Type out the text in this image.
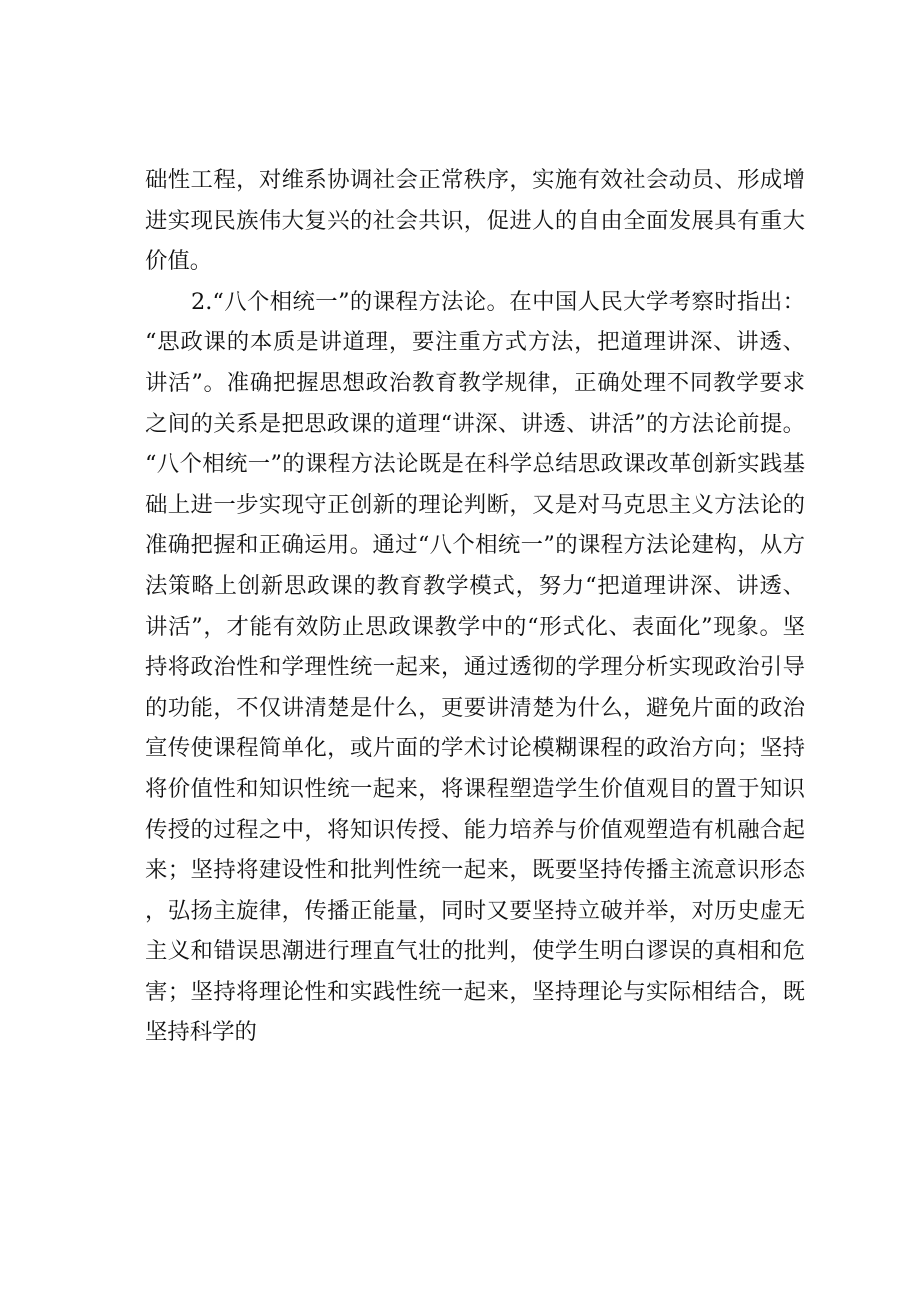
础性工程，对维系协调社会正常秩序，实施有效社会动员、形成增进实现民族伟大复兴的社会共识，促进人的自由全面发展具有重大价值。

2.“八个相统一”的课程方法论。在中国人民大学考察时指出：“思政课的本质是讲道理，要注重方式方法，把道理讲深、讲透、讲活”。准确把握思想政治教育教学规律，正确处理不同教学要求之间的关系是把思政课的道理“讲深、讲透、讲活”的方法论前提。“八个相统一”的课程方法论既是在科学总结思政课改革创新实践基础上进一步实现守正创新的理论判断，又是对马克思主义方法论的准确把握和正确运用。通过“八个相统一”的课程方法论建构，从方法策略上创新思政课的教育教学模式，努力“把道理讲深、讲透、讲活”，才能有效防止思政课教学中的“形式化、表面化”现象。坚持将政治性和学理性统一起来，通过透彻的学理分析实现政治引导的功能，不仅讲清楚是什么，更要讲清楚为什么，避免片面的政治宣传使课程简单化，或片面的学术讨论模糊课程的政治方向；坚持将价值性和知识性统一起来，将课程塑造学生价值观目的置于知识传授的过程之中，将知识传授、能力培养与价值观塑造有机融合起来；坚持将建设性和批判性统一起来，既要坚持传播主流意识形态，弘扬主旋律，传播正能量，同时又要坚持立破并举，对历史虚无主义和错误思潮进行理直气壮的批判，使学生明白谬误的真相和危害；坚持将理论性和实践性统一起来，坚持理论与实际相结合，既坚持科学的
